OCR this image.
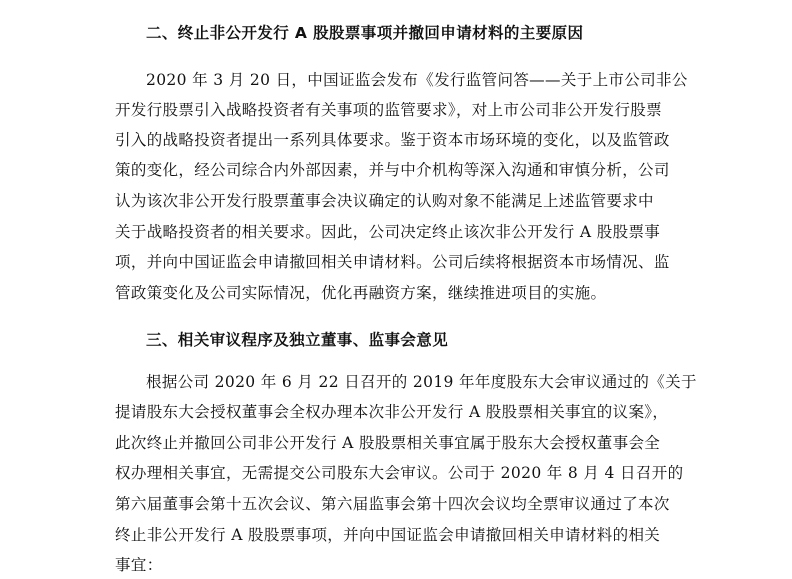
二、终止非公开发行 A 股股票事项并撤回申请材料的主要原因
2020 年 3 月 20 日，中国证监会发布《发行监管问答——关于上市公司非公
开发行股票引入战略投资者有关事项的监管要求》，对上市公司非公开发行股票
引入的战略投资者提出一系列具体要求。鉴于资本市场环境的变化，以及监管政
策的变化，经公司综合内外部因素，并与中介机构等深入沟通和审慎分析，公司
认为该次非公开发行股票董事会决议确定的认购对象不能满足上述监管要求中
关于战略投资者的相关要求。因此，公司决定终止该次非公开发行 A 股股票事
项，并向中国证监会申请撤回相关申请材料。公司后续将根据资本市场情况、监
管政策变化及公司实际情况，优化再融资方案，继续推进项目的实施。
三、相关审议程序及独立董事、监事会意见
根据公司 2020 年 6 月 22 日召开的 2019 年年度股东大会审议通过的《关于
提请股东大会授权董事会全权办理本次非公开发行 A 股股票相关事宜的议案》，
此次终止并撤回公司非公开发行 A 股股票相关事宜属于股东大会授权董事会全
权办理相关事宜，无需提交公司股东大会审议。公司于 2020 年 8 月 4 日召开的
第六届董事会第十五次会议、第六届监事会第十四次会议均全票审议通过了本次
终止非公开发行 A 股股票事项，并向中国证监会申请撤回相关申请材料的相关
事宜：
